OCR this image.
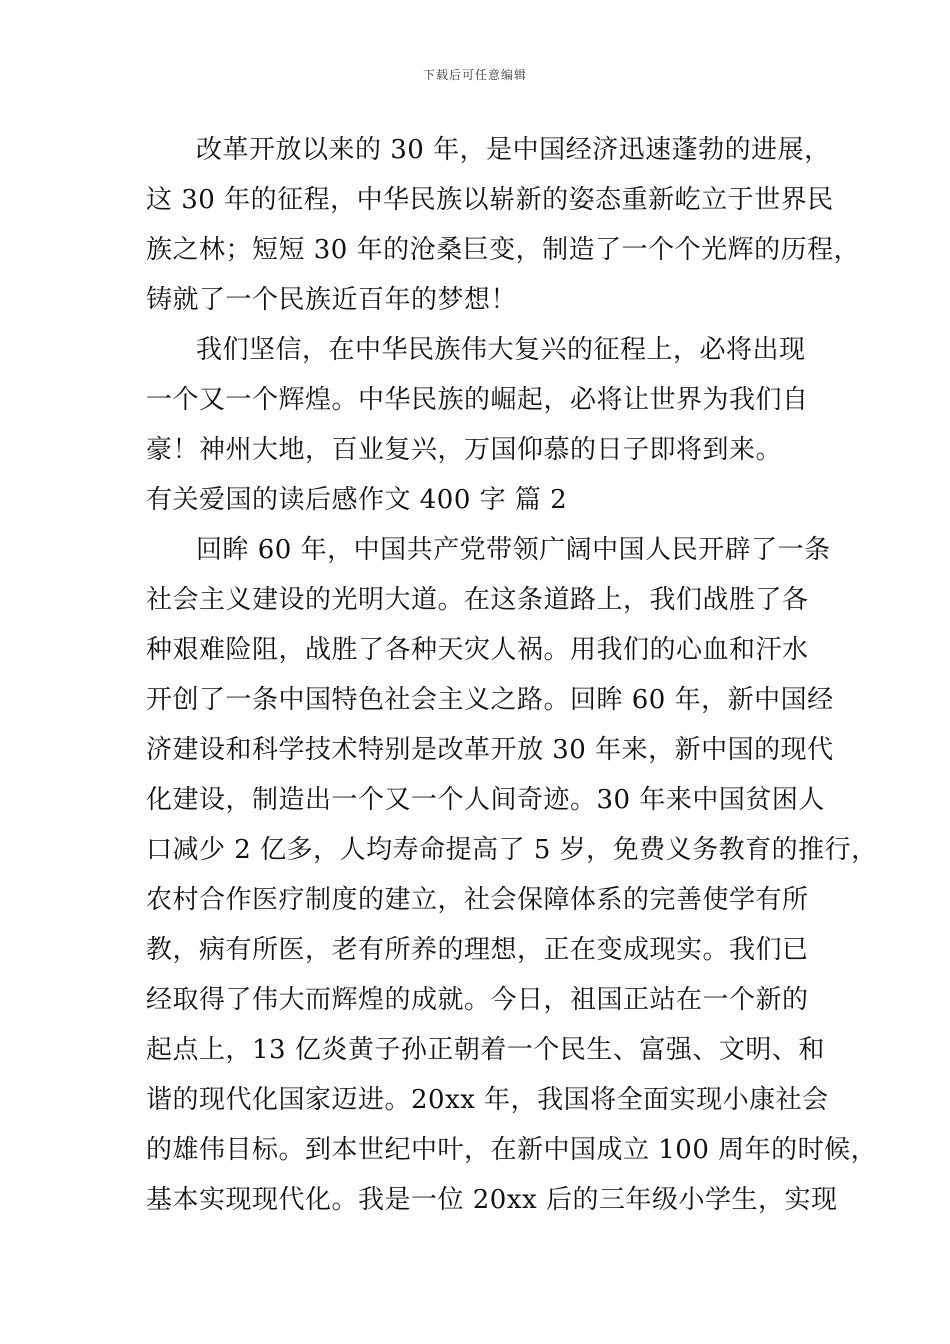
下载后可任意编辑
改革开放以来的 30 年，是中国经济迅速蓬勃的进展，
这 30 年的征程，中华民族以崭新的姿态重新屹立于世界民
族之林；短短 30 年的沧桑巨变，制造了一个个光辉的历程，
铸就了一个民族近百年的梦想！
我们坚信，在中华民族伟大复兴的征程上，必将出现
一个又一个辉煌。中华民族的崛起，必将让世界为我们自
豪！神州大地，百业复兴，万国仰慕的日子即将到来。
有关爱国的读后感作文 400 字 篇 2
回眸 60 年，中国共产党带领广阔中国人民开辟了一条
社会主义建设的光明大道。在这条道路上，我们战胜了各
种艰难险阻，战胜了各种天灾人祸。用我们的心血和汗水
开创了一条中国特色社会主义之路。回眸 60 年，新中国经
济建设和科学技术特别是改革开放 30 年来，新中国的现代
化建设，制造出一个又一个人间奇迹。30 年来中国贫困人
口减少 2 亿多，人均寿命提高了 5 岁，免费义务教育的推行，
农村合作医疗制度的建立，社会保障体系的完善使学有所
教，病有所医，老有所养的理想，正在变成现实。我们已
经取得了伟大而辉煌的成就。今日，祖国正站在一个新的
起点上，13 亿炎黄子孙正朝着一个民生、富强、文明、和
谐的现代化国家迈进。20xx 年，我国将全面实现小康社会
的雄伟目标。到本世纪中叶，在新中国成立 100 周年的时候，
基本实现现代化。我是一位 20xx 后的三年级小学生，实现
